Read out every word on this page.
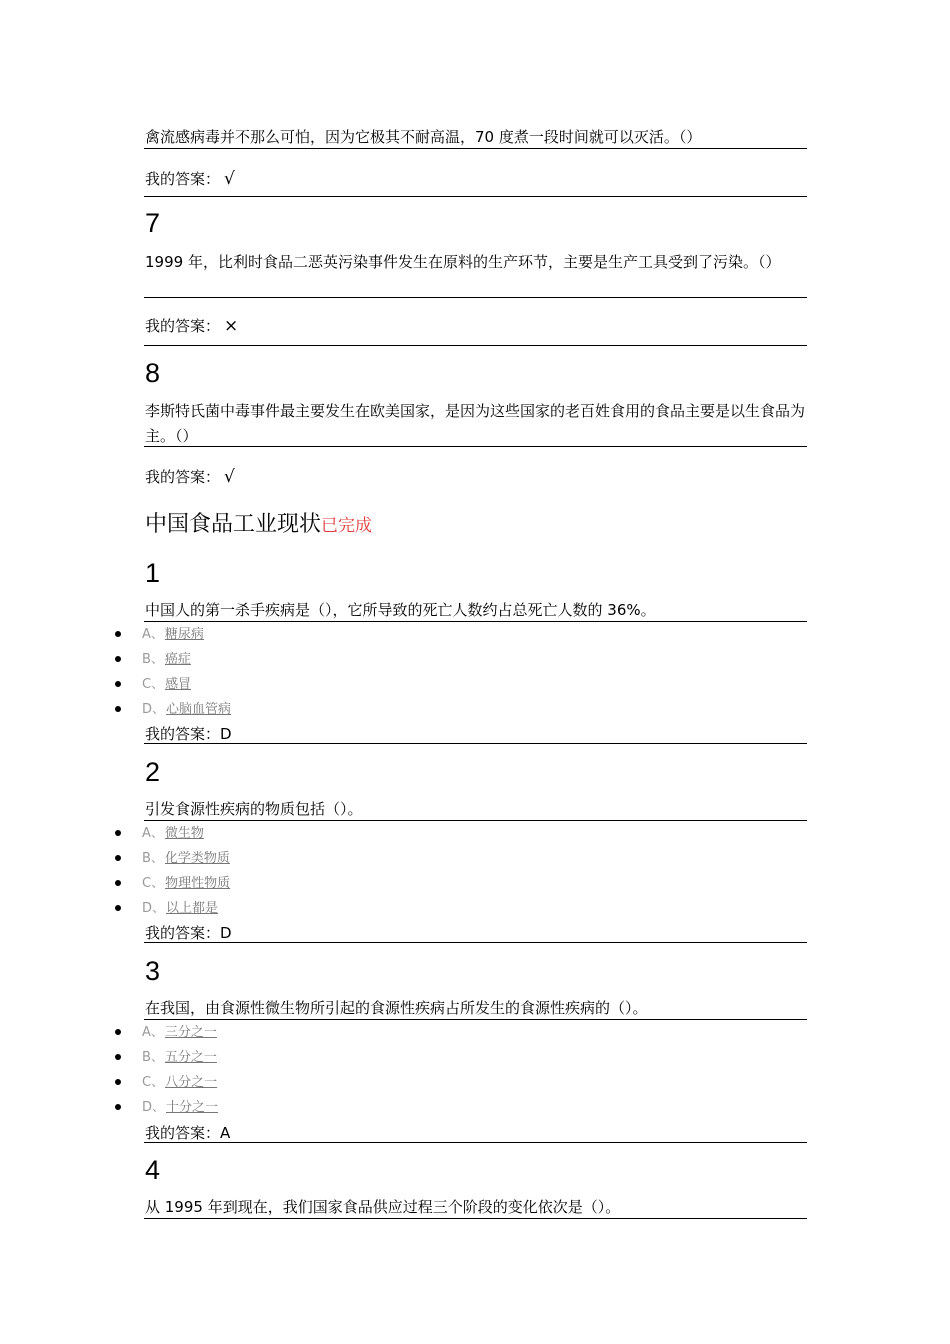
禽流感病毒并不那么可怕，因为它极其不耐高温，70 度煮一段时间就可以灭活。（）
我的答案： √
7
1999 年，比利时食品二恶英污染事件发生在原料的生产环节，主要是生产工具受到了污染。（）
我的答案： ×
8
李斯特氏菌中毒事件最主要发生在欧美国家，是因为这些国家的老百姓食用的食品主要是以生食品为主。（）
我的答案： √
中国食品工业现状已完成
1
中国人的第一杀手疾病是（），它所导致的死亡人数约占总死亡人数的 36%。
A、糖尿病
B、癌症
C、感冒
D、心脑血管病
我的答案：D
2
引发食源性疾病的物质包括（）。
A、微生物
B、化学类物质
C、物理性物质
D、以上都是
我的答案：D
3
在我国，由食源性微生物所引起的食源性疾病占所发生的食源性疾病的（）。
A、三分之一
B、五分之一
C、八分之一
D、十分之一
我的答案：A
4
从 1995 年到现在，我们国家食品供应过程三个阶段的变化依次是（）。
